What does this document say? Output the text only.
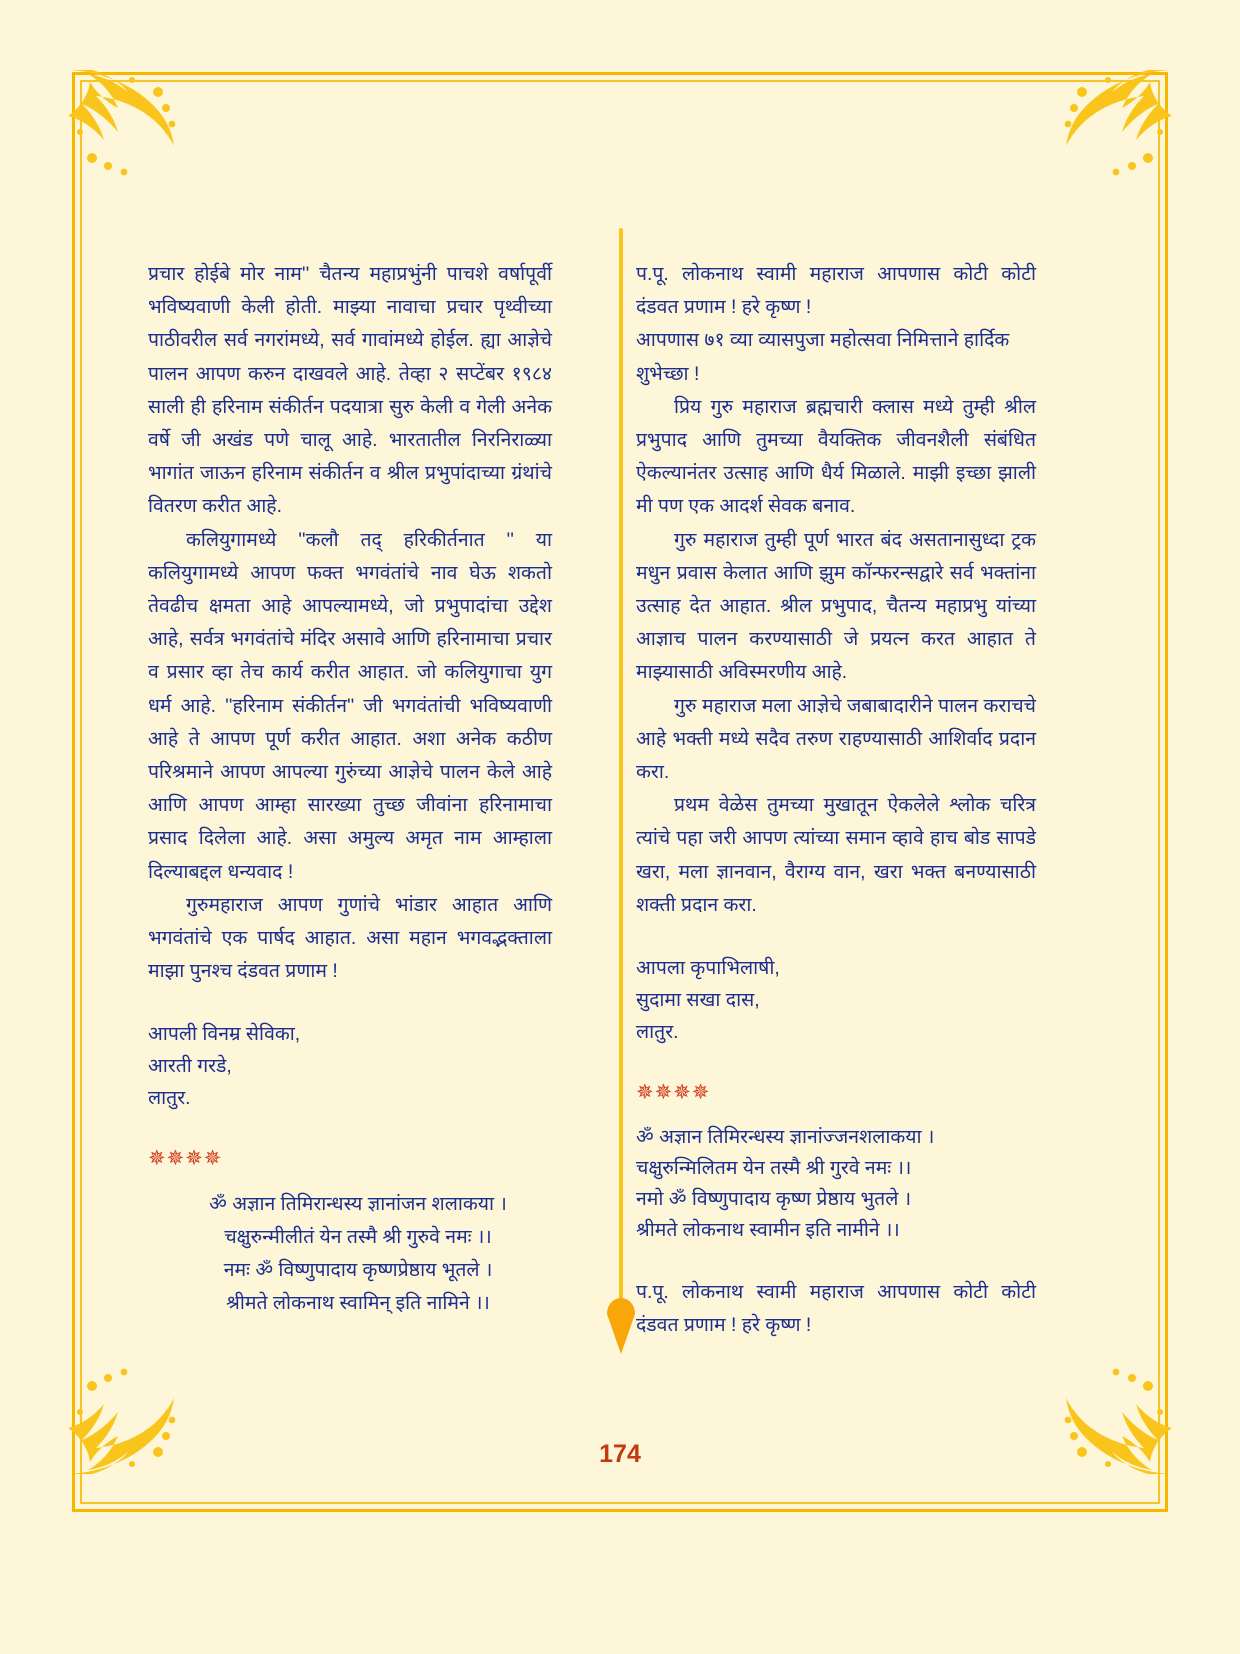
प्रचार होईबे मोर नाम'' चैतन्य महाप्रभुंनी पाचशे वर्षापूर्वी भविष्यवाणी केली होती. माझ्या नावाचा प्रचार पृथ्वीच्या पाठीवरील सर्व नगरांमध्ये, सर्व गावांमध्ये होईल. ह्या आज्ञेचे पालन आपण करुन दाखवले आहे. तेव्हा २ सप्टेंबर १९८४ साली ही हरिनाम संकीर्तन पदयात्रा सुरु केली व गेली अनेक वर्षे जी अखंड पणे चालू आहे. भारतातील निरनिराळ्या भागांत जाऊन हरिनाम संकीर्तन व श्रील प्रभुपांदाच्या ग्रंथांचे वितरण करीत आहे.

कलियुगामध्ये ''कलौ तद् हरिकीर्तनात '' या कलियुगामध्ये आपण फक्त भगवंतांचे नाव घेऊ शकतो तेवढीच क्षमता आहे आपल्यामध्ये, जो प्रभुपादांचा उद्देश आहे, सर्वत्र भगवंतांचे मंदिर असावे आणि हरिनामाचा प्रचार व प्रसार व्हा तेच कार्य करीत आहात. जो कलियुगाचा युग धर्म आहे. ''हरिनाम संकीर्तन'' जी भगवंतांची भविष्यवाणी आहे ते आपण पूर्ण करीत आहात. अशा अनेक कठीण परिश्रमाने आपण आपल्या गुरुंच्या आज्ञेचे पालन केले आहे आणि आपण आम्हा सारख्या तुच्छ जीवांना हरिनामाचा प्रसाद दिलेला आहे. असा अमुल्य अमृत नाम आम्हाला दिल्याबद्दल धन्यवाद !

गुरुमहाराज आपण गुणांचे भांडार आहात आणि भगवंतांचे एक पार्षद आहात. असा महान भगवद्भक्ताला माझा पुनश्च दंडवत प्रणाम !

आपली विनम्र सेविका,
आरती गरडे,
लातुर.
✵✵✵✵
ॐ अज्ञान तिमिरान्धस्य ज्ञानांजन शलाकया ।
चक्षुरुन्मीलीतं येन तस्मै श्री गुरुवे नमः ।।
नमः ॐ विष्णुपादाय कृष्णप्रेष्ठाय भूतले ।
श्रीमते लोकनाथ स्वामिन् इति नामिने ।।

प.पू. लोकनाथ स्वामी महाराज आपणास कोटी कोटी दंडवत प्रणाम ! हरे कृष्ण !

आपणास ७१ व्या व्यासपुजा महोत्सवा निमित्ताने हार्दिक शुभेच्छा !

प्रिय गुरु महाराज ब्रह्मचारी क्लास मध्ये तुम्ही श्रील प्रभुपाद आणि तुमच्या वैयक्तिक जीवनशैली संबंधित ऐकल्यानंतर उत्साह आणि धैर्य मिळाले. माझी इच्छा झाली मी पण एक आदर्श सेवक बनाव.

गुरु महाराज तुम्ही पूर्ण भारत बंद असतानासुध्दा ट्रक मधुन प्रवास केलात आणि झुम कॉन्फरन्सद्वारे सर्व भक्तांना उत्साह देत आहात. श्रील प्रभुपाद, चैतन्य महाप्रभु यांच्या आज्ञाच पालन करण्यासाठी जे प्रयत्न करत आहात ते माझ्यासाठी अविस्मरणीय आहे.

गुरु महाराज मला आज्ञेचे जबाबादारीने पालन कराचचे आहे भक्ती मध्ये सदैव तरुण राहण्यासाठी आशिर्वाद प्रदान करा.

प्रथम वेळेस तुमच्या मुखातून ऐकलेले श्लोक चरित्र त्यांचे पहा जरी आपण त्यांच्या समान व्हावे हाच बोड सापडे खरा, मला ज्ञानवान, वैराग्य वान, खरा भक्त बनण्यासाठी शक्ती प्रदान करा.

आपला कृपाभिलाषी,
सुदामा सखा दास,
लातुर.
✵✵✵✵
ॐ अज्ञान तिमिरन्धस्य ज्ञानांज्जनशलाकया ।
चक्षुरुन्मिलितम येन तस्मै श्री गुरवे नमः ।।
नमो ॐ विष्णुपादाय कृष्ण प्रेष्ठाय भुतले ।
श्रीमते लोकनाथ स्वामीन इति नामीने ।।

प.पू. लोकनाथ स्वामी महाराज आपणास कोटी कोटी दंडवत प्रणाम ! हरे कृष्ण !

174
